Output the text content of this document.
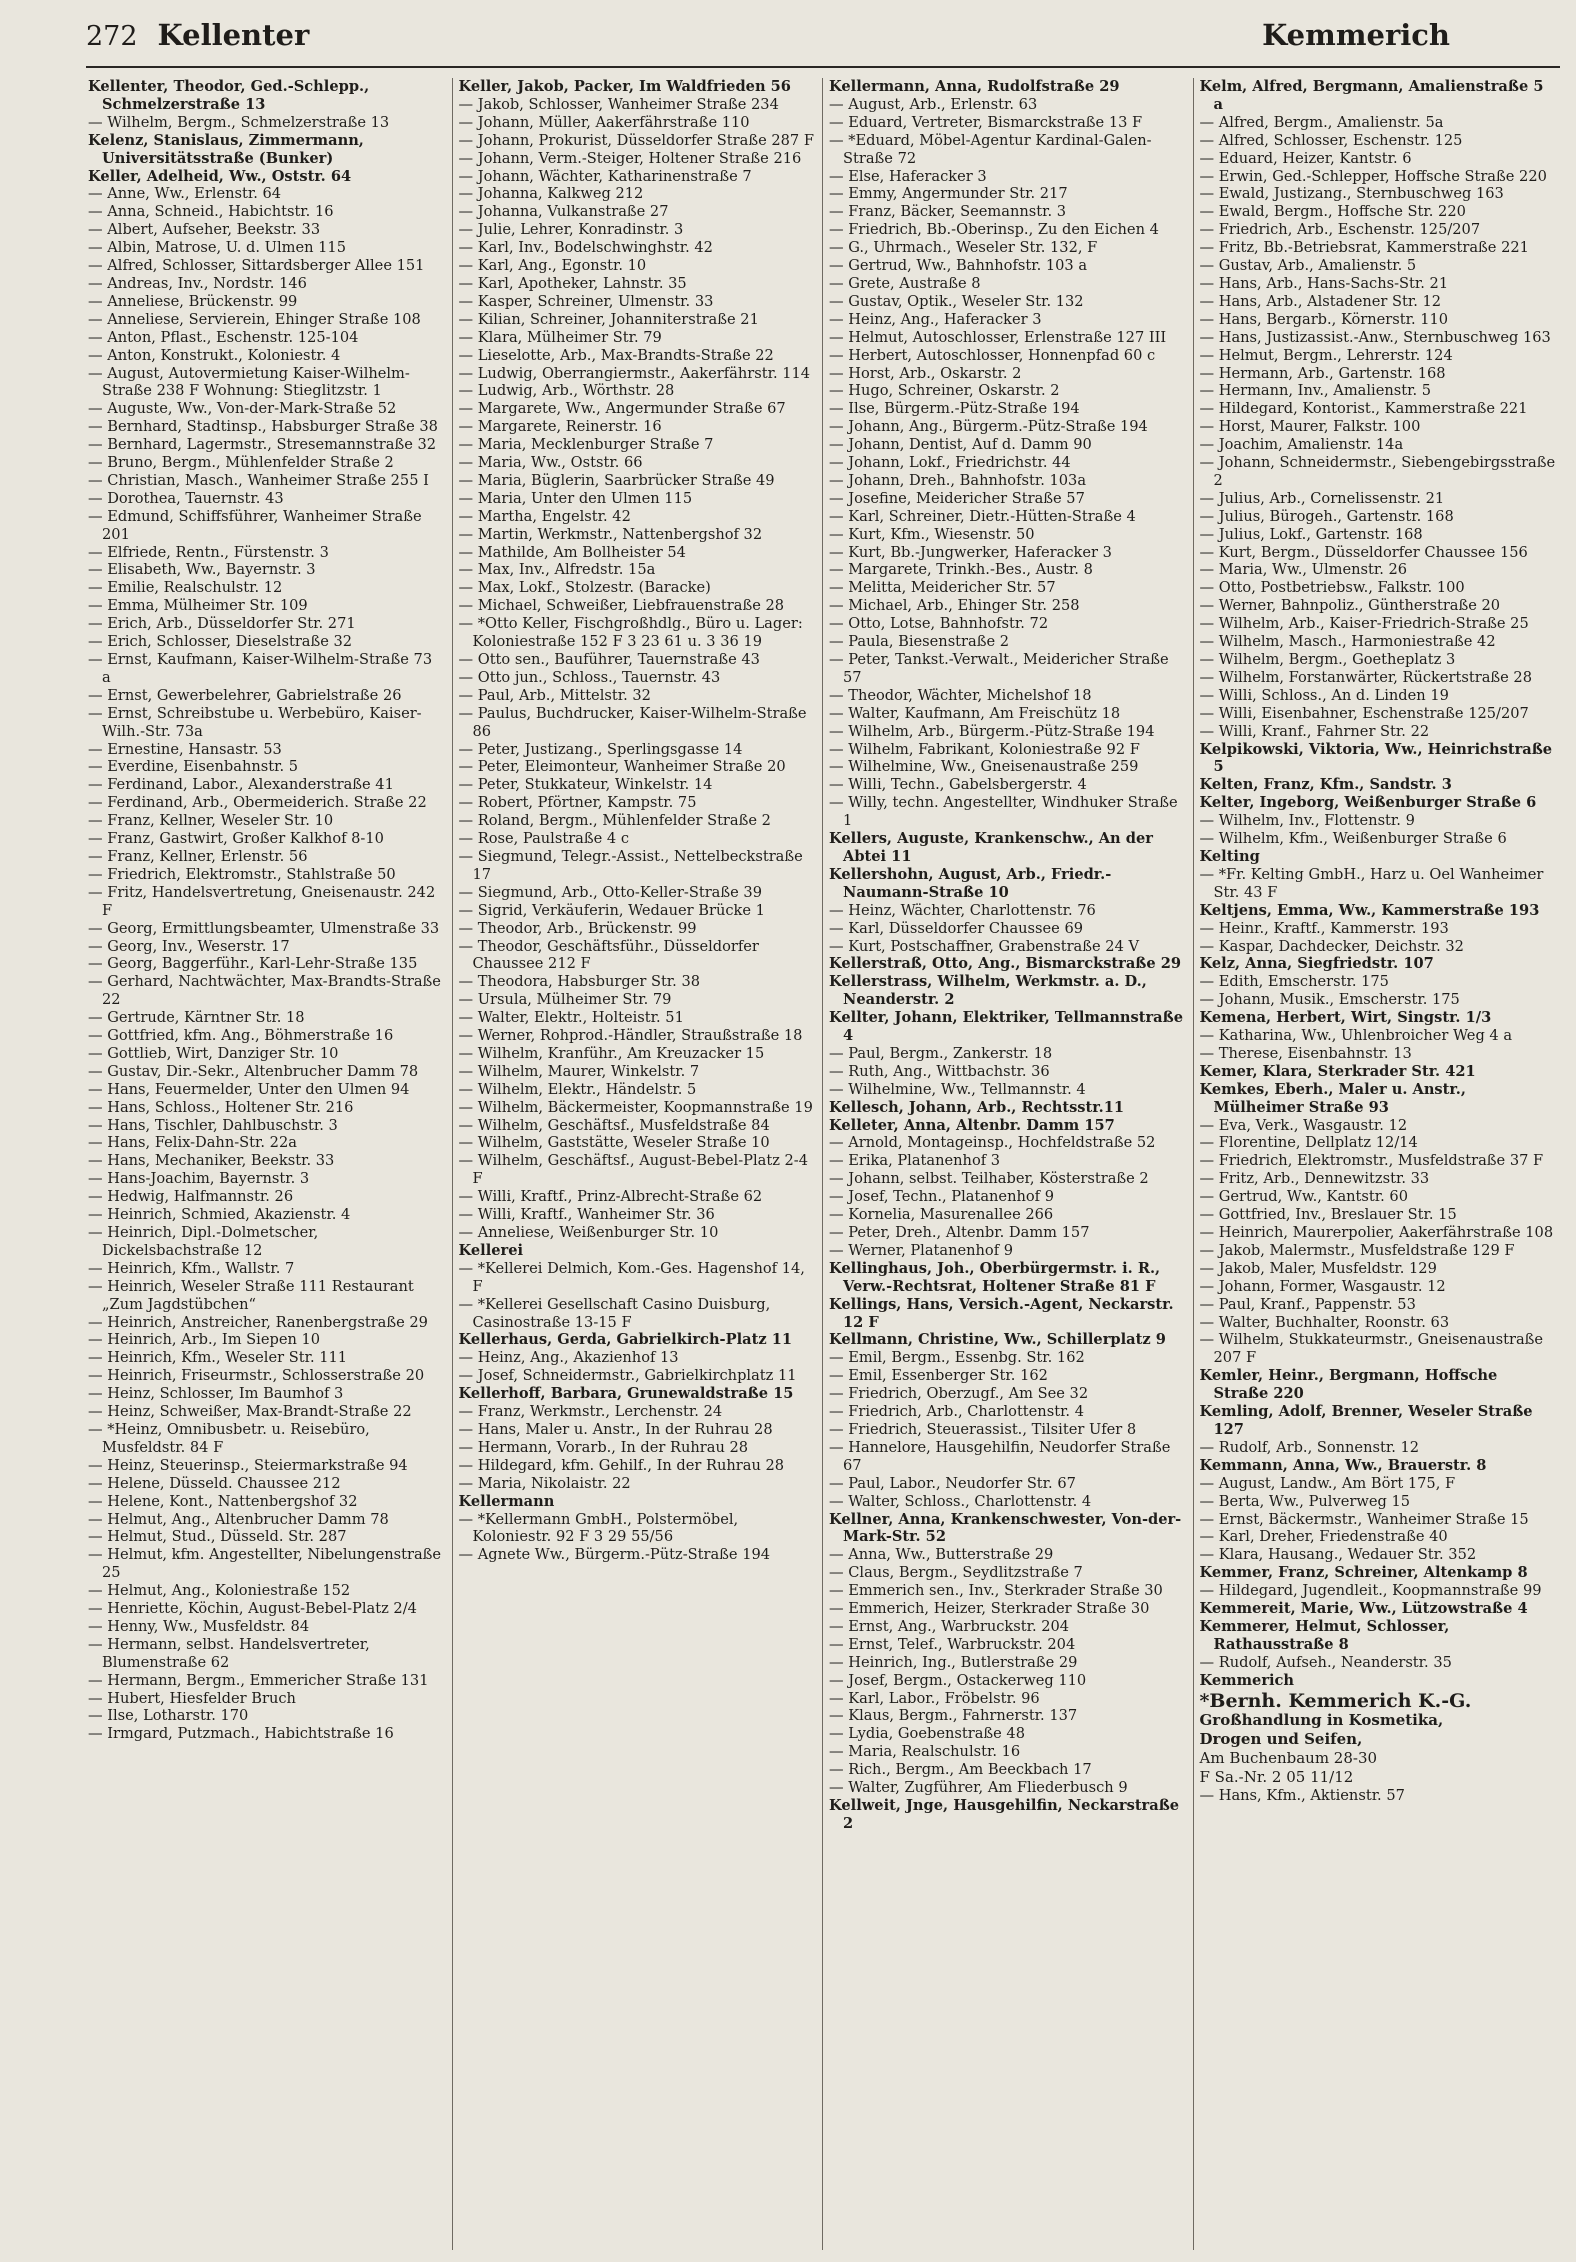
272 Kellenter	Kemmerich

Kellenter, Theodor, Ged.-Schlepp., Schmelzerstraße 13

— Wilhelm, Bergm., Schmelzerstraße 13

Kelenz, Stanislaus, Zimmermann, Universitätsstraße (Bunker)

Keller, Adelheid, Ww., Oststr. 64

— Anne, Ww., Erlenstr. 64

— Anna, Schneid., Habichtstr. 16

— Albert, Aufseher, Beekstr. 33

— Albin, Matrose, U. d. Ulmen 115

— Alfred, Schlosser, Sittardsberger Allee 151

— Andreas, Inv., Nordstr. 146

— Anneliese, Brückenstr. 99

— Anneliese, Servierein, Ehinger Straße 108

— Anton, Pflast., Eschenstr. 125-104

— Anton, Konstrukt., Koloniestr. 4

— August, Autovermietung Kaiser-Wilhelm-Straße 238 F Wohnung: Stieglitzstr. 1

— Auguste, Ww., Von-der-Mark-Straße 52

— Bernhard, Stadtinsp., Habsburger Straße 38

— Bernhard, Lagermstr., Stresemannstraße 32

— Bruno, Bergm., Mühlenfelder Straße 2

— Christian, Masch., Wanheimer Straße 255 I

— Dorothea, Tauernstr. 43

— Edmund, Schiffsführer, Wanheimer Straße 201

— Elfriede, Rentn., Fürstenstr. 3

— Elisabeth, Ww., Bayernstr. 3

— Emilie, Realschulstr. 12

— Emma, Mülheimer Str. 109

— Erich, Arb., Düsseldorfer Str. 271

— Erich, Schlosser, Dieselstraße 32

— Ernst, Kaufmann, Kaiser-Wilhelm-Straße 73 a

— Ernst, Gewerbelehrer, Gabrielstraße 26

— Ernst, Schreibstube u. Werbebüro, Kaiser-Wilh.-Str. 73a

— Ernestine, Hansastr. 53

— Everdine, Eisenbahnstr. 5

— Ferdinand, Labor., Alexanderstraße 41

— Ferdinand, Arb., Obermeiderich. Straße 22

— Franz, Kellner, Weseler Str. 10

— Franz, Gastwirt, Großer Kalkhof 8-10

— Franz, Kellner, Erlenstr. 56

— Friedrich, Elektromstr., Stahlstraße 50

— Fritz, Handelsvertretung, Gneisenaustr. 242 F

— Georg, Ermittlungsbeamter, Ulmenstraße 33

— Georg, Inv., Weserstr. 17

— Georg, Baggerführ., Karl-Lehr-Straße 135

— Gerhard, Nachtwächter, Max-Brandts-Straße 22

— Gertrude, Kärntner Str. 18

— Gottfried, kfm. Ang., Böhmerstraße 16

— Gottlieb, Wirt, Danziger Str. 10

— Gustav, Dir.-Sekr., Altenbrucher Damm 78

— Hans, Feuermelder, Unter den Ulmen 94

— Hans, Schloss., Holtener Str. 216

— Hans, Tischler, Dahlbuschstr. 3

— Hans, Felix-Dahn-Str. 22a

— Hans, Mechaniker, Beekstr. 33

— Hans-Joachim, Bayernstr. 3

— Hedwig, Halfmannstr. 26

— Heinrich, Schmied, Akazienstr. 4

— Heinrich, Dipl.-Dolmetscher, Dickelsbachstraße 12

— Heinrich, Kfm., Wallstr. 7

— Heinrich, Weseler Straße 111 Restaurant „Zum Jagdstübchen“

— Heinrich, Anstreicher, Ranenbergstraße 29

— Heinrich, Arb., Im Siepen 10

— Heinrich, Kfm., Weseler Str. 111

— Heinrich, Friseurmstr., Schlosserstraße 20

— Heinz, Schlosser, Im Baumhof 3

— Heinz, Schweißer, Max-Brandt-Straße 22

— *Heinz, Omnibusbetr. u. Reisebüro, Musfeldstr. 84 F

— Heinz, Steuerinsp., Steiermarkstraße 94

— Helene, Düsseld. Chaussee 212

— Helene, Kont., Nattenbergshof 32

— Helmut, Ang., Altenbrucher Damm 78

— Helmut, Stud., Düsseld. Str. 287

— Helmut, kfm. Angestellter, Nibelungenstraße 25

— Helmut, Ang., Koloniestraße 152

— Henriette, Köchin, August-Bebel-Platz 2/4

— Henny, Ww., Musfeldstr. 84

— Hermann, selbst. Handelsvertreter, Blumenstraße 62

— Hermann, Bergm., Emmericher Straße 131

— Hubert, Hiesfelder Bruch

— Ilse, Lotharstr. 170

— Irmgard, Putzmach., Habichtstraße 16

Keller, Jakob, Packer, Im Waldfrieden 56

— Jakob, Schlosser, Wanheimer Straße 234

— Johann, Müller, Aakerfährstraße 110

— Johann, Prokurist, Düsseldorfer Straße 287 F

— Johann, Verm.-Steiger, Holtener Straße 216

— Johann, Wächter, Katharinenstraße 7

— Johanna, Kalkweg 212

— Johanna, Vulkanstraße 27

— Julie, Lehrer, Konradinstr. 3

— Karl, Inv., Bodelschwinghstr. 42

— Karl, Ang., Egonstr. 10

— Karl, Apotheker, Lahnstr. 35

— Kasper, Schreiner, Ulmenstr. 33

— Kilian, Schreiner, Johanniterstraße 21

— Klara, Mülheimer Str. 79

— Lieselotte, Arb., Max-Brandts-Straße 22

— Ludwig, Oberrangiermstr., Aakerfährstr. 114

— Ludwig, Arb., Wörthstr. 28

— Margarete, Ww., Angermunder Straße 67

— Margarete, Reinerstr. 16

— Maria, Mecklenburger Straße 7

— Maria, Ww., Oststr. 66

— Maria, Büglerin, Saarbrücker Straße 49

— Maria, Unter den Ulmen 115

— Martha, Engelstr. 42

— Martin, Werkmstr., Nattenbergshof 32

— Mathilde, Am Bollheister 54

— Max, Inv., Alfredstr. 15a

— Max, Lokf., Stolzestr. (Baracke)

— Michael, Schweißer, Liebfrauenstraße 28

— *Otto Keller, Fischgroßhdlg., Büro u. Lager: Koloniestraße 152 F 3 23 61 u. 3 36 19

— Otto sen., Bauführer, Tauernstraße 43

— Otto jun., Schloss., Tauernstr. 43

— Paul, Arb., Mittelstr. 32

— Paulus, Buchdrucker, Kaiser-Wilhelm-Straße 86

— Peter, Justizang., Sperlingsgasse 14

— Peter, Eleimonteur, Wanheimer Straße 20

— Peter, Stukkateur, Winkelstr. 14

— Robert, Pförtner, Kampstr. 75

— Roland, Bergm., Mühlenfelder Straße 2

— Rose, Paulstraße 4 c

— Siegmund, Telegr.-Assist., Nettelbeckstraße 17

— Siegmund, Arb., Otto-Keller-Straße 39

— Sigrid, Verkäuferin, Wedauer Brücke 1

— Theodor, Arb., Brückenstr. 99

— Theodor, Geschäftsführ., Düsseldorfer Chaussee 212 F

— Theodora, Habsburger Str. 38

— Ursula, Mülheimer Str. 79

— Walter, Elektr., Holteistr. 51

— Werner, Rohprod.-Händler, Straußstraße 18

— Wilhelm, Kranführ., Am Kreuzacker 15

— Wilhelm, Maurer, Winkelstr. 7

— Wilhelm, Elektr., Händelstr. 5

— Wilhelm, Bäckermeister, Koopmannstraße 19

— Wilhelm, Geschäftsf., Musfeldstraße 84

— Wilhelm, Gaststätte, Weseler Straße 10

— Wilhelm, Geschäftsf., August-Bebel-Platz 2-4 F

— Willi, Kraftf., Prinz-Albrecht-Straße 62

— Willi, Kraftf., Wanheimer Str. 36

— Anneliese, Weißenburger Str. 10

Kellerei

— *Kellerei Delmich, Kom.-Ges. Hagenshof 14, F

— *Kellerei Gesellschaft Casino Duisburg, Casinostraße 13-15 F

Kellerhaus, Gerda, Gabrielkirch-Platz 11

— Heinz, Ang., Akazienhof 13

— Josef, Schneidermstr., Gabrielkirchplatz 11

Kellerhoff, Barbara, Grunewaldstraße 15

— Franz, Werkmstr., Lerchenstr. 24

— Hans, Maler u. Anstr., In der Ruhrau 28

— Hermann, Vorarb., In der Ruhrau 28

— Hildegard, kfm. Gehilf., In der Ruhrau 28

— Maria, Nikolaistr. 22

Kellermann

— *Kellermann GmbH., Polstermöbel, Koloniestr. 92 F 3 29 55/56

— Agnete Ww., Bürgerm.-Pütz-Straße 194

Kellermann, Anna, Rudolfstraße 29

— August, Arb., Erlenstr. 63

— Eduard, Vertreter, Bismarckstraße 13 F

— *Eduard, Möbel-Agentur Kardinal-Galen-Straße 72

— Else, Haferacker 3

— Emmy, Angermunder Str. 217

— Franz, Bäcker, Seemannstr. 3

— Friedrich, Bb.-Oberinsp., Zu den Eichen 4

— G., Uhrmach., Weseler Str. 132, F

— Gertrud, Ww., Bahnhofstr. 103 a

— Grete, Austraße 8

— Gustav, Optik., Weseler Str. 132

— Heinz, Ang., Haferacker 3

— Helmut, Autoschlosser, Erlenstraße 127 III

— Herbert, Autoschlosser, Honnenpfad 60 c

— Horst, Arb., Oskarstr. 2

— Hugo, Schreiner, Oskarstr. 2

— Ilse, Bürgerm.-Pütz-Straße 194

— Johann, Ang., Bürgerm.-Pütz-Straße 194

— Johann, Dentist, Auf d. Damm 90

— Johann, Lokf., Friedrichstr. 44

— Johann, Dreh., Bahnhofstr. 103a

— Josefine, Meidericher Straße 57

— Karl, Schreiner, Dietr.-Hütten-Straße 4

— Kurt, Kfm., Wiesenstr. 50

— Kurt, Bb.-Jungwerker, Haferacker 3

— Margarete, Trinkh.-Bes., Austr. 8

— Melitta, Meidericher Str. 57

— Michael, Arb., Ehinger Str. 258

— Otto, Lotse, Bahnhofstr. 72

— Paula, Biesenstraße 2

— Peter, Tankst.-Verwalt., Meidericher Straße 57

— Theodor, Wächter, Michelshof 18

— Walter, Kaufmann, Am Freischütz 18

— Wilhelm, Arb., Bürgerm.-Pütz-Straße 194

— Wilhelm, Fabrikant, Koloniestraße 92 F

— Wilhelmine, Ww., Gneisenaustraße 259

— Willi, Techn., Gabelsbergerstr. 4

— Willy, techn. Angestellter, Windhuker Straße 1

Kellers, Auguste, Krankenschw., An der Abtei 11

Kellershohn, August, Arb., Friedr.-Naumann-Straße 10

— Heinz, Wächter, Charlottenstr. 76

— Karl, Düsseldorfer Chaussee 69

— Kurt, Postschaffner, Grabenstraße 24 V

Kellerstraß, Otto, Ang., Bismarckstraße 29

Kellerstrass, Wilhelm, Werkmstr. a. D., Neanderstr. 2

Kellter, Johann, Elektriker, Tellmannstraße 4

— Paul, Bergm., Zankerstr. 18

— Ruth, Ang., Wittbachstr. 36

— Wilhelmine, Ww., Tellmannstr. 4

Kellesch, Johann, Arb., Rechtsstr.11

Kelleter, Anna, Altenbr. Damm 157

— Arnold, Montageinsp., Hochfeldstraße 52

— Erika, Platanenhof 3

— Johann, selbst. Teilhaber, Kösterstraße 2

— Josef, Techn., Platanenhof 9

— Kornelia, Masurenallee 266

— Peter, Dreh., Altenbr. Damm 157

— Werner, Platanenhof 9

Kellinghaus, Joh., Oberbürgermstr. i. R., Verw.-Rechtsrat, Holtener Straße 81 F

Kellings, Hans, Versich.-Agent, Neckarstr. 12 F

Kellmann, Christine, Ww., Schillerplatz 9

— Emil, Bergm., Essenbg. Str. 162

— Emil, Essenberger Str. 162

— Friedrich, Oberzugf., Am See 32

— Friedrich, Arb., Charlottenstr. 4

— Friedrich, Steuerassist., Tilsiter Ufer 8

— Hannelore, Hausgehilfin, Neudorfer Straße 67

— Paul, Labor., Neudorfer Str. 67

— Walter, Schloss., Charlottenstr. 4

Kellner, Anna, Krankenschwester, Von-der-Mark-Str. 52

— Anna, Ww., Butterstraße 29

— Claus, Bergm., Seydlitzstraße 7

— Emmerich sen., Inv., Sterkrader Straße 30

— Emmerich, Heizer, Sterkrader Straße 30

— Ernst, Ang., Warbruckstr. 204

— Ernst, Telef., Warbruckstr. 204

— Heinrich, Ing., Butlerstraße 29

— Josef, Bergm., Ostackerweg 110

— Karl, Labor., Fröbelstr. 96

— Klaus, Bergm., Fahrnerstr. 137

— Lydia, Goebenstraße 48

— Maria, Realschulstr. 16

— Rich., Bergm., Am Beeckbach 17

— Walter, Zugführer, Am Fliederbusch 9

Kellweit, Jnge, Hausgehilfin, Neckarstraße 2

Kelm, Alfred, Bergmann, Amalienstraße 5 a

— Alfred, Bergm., Amalienstr. 5a

— Alfred, Schlosser, Eschenstr. 125

— Eduard, Heizer, Kantstr. 6

— Erwin, Ged.-Schlepper, Hoffsche Straße 220

— Ewald, Justizang., Sternbuschweg 163

— Ewald, Bergm., Hoffsche Str. 220

— Friedrich, Arb., Eschenstr. 125/207

— Fritz, Bb.-Betriebsrat, Kammerstraße 221

— Gustav, Arb., Amalienstr. 5

— Hans, Arb., Hans-Sachs-Str. 21

— Hans, Arb., Alstadener Str. 12

— Hans, Bergarb., Körnerstr. 110

— Hans, Justizassist.-Anw., Sternbuschweg 163

— Helmut, Bergm., Lehrerstr. 124

— Hermann, Arb., Gartenstr. 168

— Hermann, Inv., Amalienstr. 5

— Hildegard, Kontorist., Kammerstraße 221

— Horst, Maurer, Falkstr. 100

— Joachim, Amalienstr. 14a

— Johann, Schneidermstr., Siebengebirgsstraße 2

— Julius, Arb., Cornelissenstr. 21

— Julius, Bürogeh., Gartenstr. 168

— Julius, Lokf., Gartenstr. 168

— Kurt, Bergm., Düsseldorfer Chaussee 156

— Maria, Ww., Ulmenstr. 26

— Otto, Postbetriebsw., Falkstr. 100

— Werner, Bahnpoliz., Güntherstraße 20

— Wilhelm, Arb., Kaiser-Friedrich-Straße 25

— Wilhelm, Masch., Harmoniestraße 42

— Wilhelm, Bergm., Goetheplatz 3

— Wilhelm, Forstanwärter, Rückertstraße 28

— Willi, Schloss., An d. Linden 19

— Willi, Eisenbahner, Eschenstraße 125/207

— Willi, Kranf., Fahrner Str. 22

Kelpikowski, Viktoria, Ww., Heinrichstraße 5

Kelten, Franz, Kfm., Sandstr. 3

Kelter, Ingeborg, Weißenburger Straße 6

— Wilhelm, Inv., Flottenstr. 9

— Wilhelm, Kfm., Weißenburger Straße 6

Kelting

— *Fr. Kelting GmbH., Harz u. Oel Wanheimer Str. 43 F

Keltjens, Emma, Ww., Kammerstraße 193

— Heinr., Kraftf., Kammerstr. 193

— Kaspar, Dachdecker, Deichstr. 32

Kelz, Anna, Siegfriedstr. 107

— Edith, Emscherstr. 175

— Johann, Musik., Emscherstr. 175

Kemena, Herbert, Wirt, Singstr. 1/3

— Katharina, Ww., Uhlenbroicher Weg 4 a

— Therese, Eisenbahnstr. 13

Kemer, Klara, Sterkrader Str. 421

Kemkes, Eberh., Maler u. Anstr., Mülheimer Straße 93

— Eva, Verk., Wasgaustr. 12

— Florentine, Dellplatz 12/14

— Friedrich, Elektromstr., Musfeldstraße 37 F

— Fritz, Arb., Dennewitzstr. 33

— Gertrud, Ww., Kantstr. 60

— Gottfried, Inv., Breslauer Str. 15

— Heinrich, Maurerpolier, Aakerfährstraße 108

— Jakob, Malermstr., Musfeldstraße 129 F

— Jakob, Maler, Musfeldstr. 129

— Johann, Former, Wasgaustr. 12

— Paul, Kranf., Pappenstr. 53

— Walter, Buchhalter, Roonstr. 63

— Wilhelm, Stukkateurmstr., Gneisenaustraße 207 F

Kemler, Heinr., Bergmann, Hoffsche Straße 220

Kemling, Adolf, Brenner, Weseler Straße 127

— Rudolf, Arb., Sonnenstr. 12

Kemmann, Anna, Ww., Brauerstr. 8

— August, Landw., Am Bört 175, F

— Berta, Ww., Pulverweg 15

— Ernst, Bäckermstr., Wanheimer Straße 15

— Karl, Dreher, Friedenstraße 40

— Klara, Hausang., Wedauer Str. 352

Kemmer, Franz, Schreiner, Altenkamp 8

— Hildegard, Jugendleit., Koopmannstraße 99

Kemmereit, Marie, Ww., Lützowstraße 4

Kemmerer, Helmut, Schlosser, Rathausstraße 8

— Rudolf, Aufseh., Neanderstr. 35

Kemmerich

*Bernh. Kemmerich K.-G.
Großhandlung in Kosmetika,
Drogen und Seifen,
Am Buchenbaum 28-30
F Sa.-Nr. 2 05 11/12

— Hans, Kfm., Aktienstr. 57
